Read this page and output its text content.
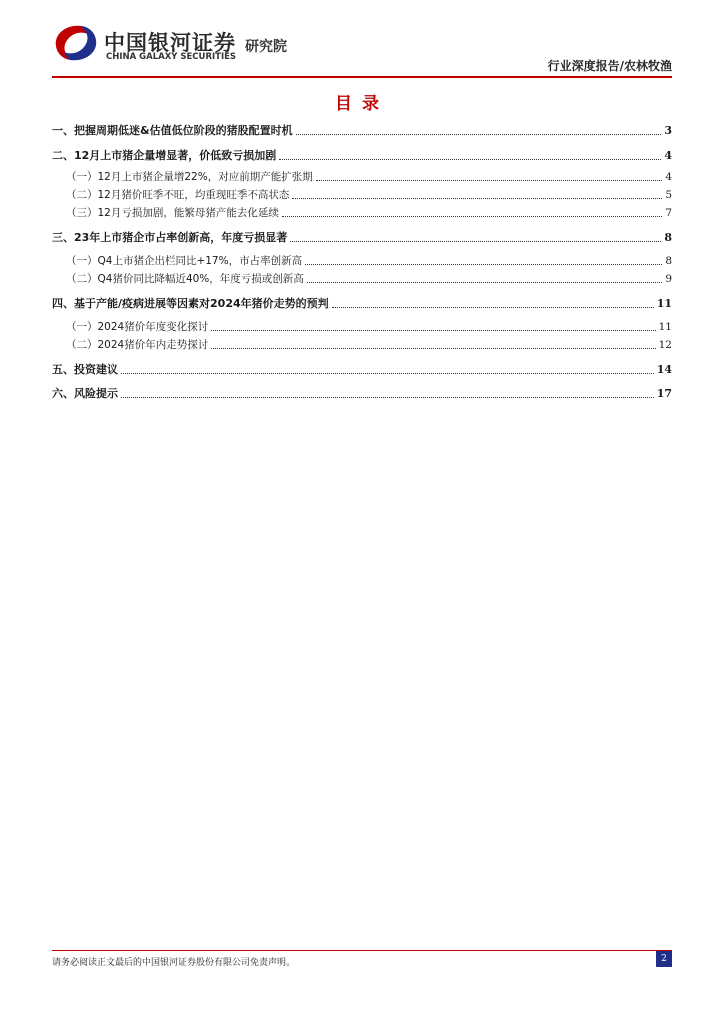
中国银河证券
CHINA GALAXY SECURITIES
研究院
行业深度报告/农林牧渔
目录
一、把握周期低迷&估值低位阶段的猪股配置时机	3
二、12月上市猪企量增显著，价低致亏损加剧	4
（一）12月上市猪企量增22%，对应前期产能扩张期	4
（二）12月猪价旺季不旺，均重现旺季不高状态	5
（三）12月亏损加剧，能繁母猪产能去化延续	7
三、23年上市猪企市占率创新高，年度亏损显著	8
（一）Q4上市猪企出栏同比+17%，市占率创新高	8
（二）Q4猪价同比降幅近40%，年度亏损或创新高	9
四、基于产能/疫病进展等因素对2024年猪价走势的预判	11
（一）2024猪价年度变化探讨	11
（二）2024猪价年内走势探讨	12
五、投资建议	14
六、风险提示	17
请务必阅读正文最后的中国银河证券股份有限公司免责声明。	2
